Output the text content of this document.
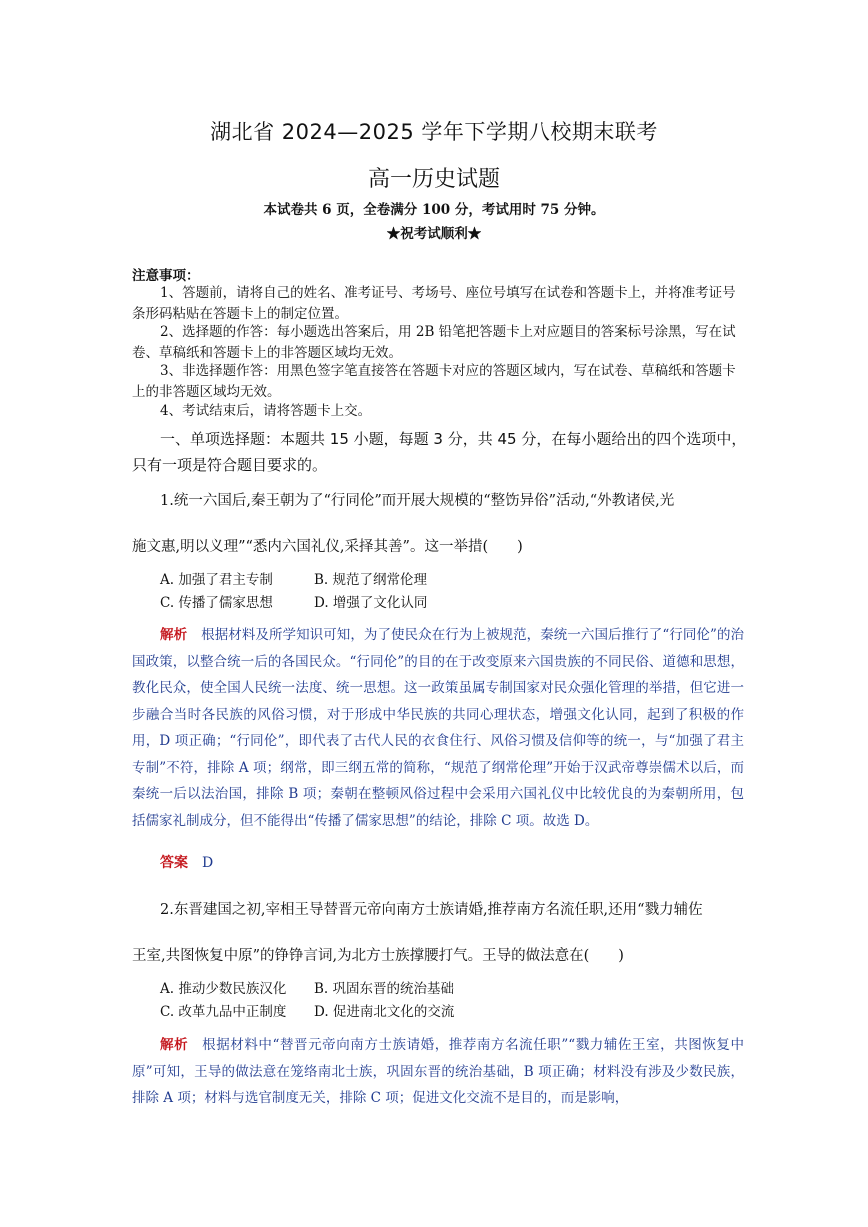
湖北省 2024—2025 学年下学期八校期末联考
高一历史试题
本试卷共 6 页，全卷满分 100 分，考试用时 75 分钟。
★祝考试顺利★
注意事项：
1、答题前，请将自己的姓名、准考证号、考场号、座位号填写在试卷和答题卡上，并将准考证号条形码粘贴在答题卡上的制定位置。
2、选择题的作答：每小题选出答案后，用 2B 铅笔把答题卡上对应题目的答案标号涂黑，写在试卷、草稿纸和答题卡上的非答题区域均无效。
3、非选择题作答：用黑色签字笔直接答在答题卡对应的答题区域内，写在试卷、草稿纸和答题卡上的非答题区域均无效。
4、考试结束后，请将答题卡上交。
一、单项选择题：本题共 15 小题，每题 3 分，共 45 分，在每小题给出的四个选项中，只有一项是符合题目要求的。
1.统一六国后,秦王朝为了“行同伦”而开展大规模的“整饬异俗”活动,“外教诸侯,光
施文惠,明以义理”“悉内六国礼仪,采择其善”。这一举措(　　)
A. 加强了君主专制	B. 规范了纲常伦理
C. 传播了儒家思想	D. 增强了文化认同
解析 根据材料及所学知识可知，为了使民众在行为上被规范，秦统一六国后推行了“行同伦”的治国政策，以整合统一后的各国民众。“行同伦”的目的在于改变原来六国贵族的不同民俗、道德和思想，教化民众，使全国人民统一法度、统一思想。这一政策虽属专制国家对民众强化管理的举措，但它进一步融合当时各民族的风俗习惯，对于形成中华民族的共同心理状态，增强文化认同，起到了积极的作用，D 项正确；“行同伦”，即代表了古代人民的衣食住行、风俗习惯及信仰等的统一，与“加强了君主专制”不符，排除 A 项；纲常，即三纲五常的简称，“规范了纲常伦理”开始于汉武帝尊崇儒术以后，而秦统一后以法治国，排除 B 项；秦朝在整顿风俗过程中会采用六国礼仪中比较优良的为秦朝所用，包括儒家礼制成分，但不能得出“传播了儒家思想”的结论，排除 C 项。故选 D。
答案 D
2.东晋建国之初,宰相王导替晋元帝向南方士族请婚,推荐南方名流任职,还用“戮力辅佐
王室,共图恢复中原”的铮铮言词,为北方士族撑腰打气。王导的做法意在(　　)
A. 推动少数民族汉化 B. 巩固东晋的统治基础
C. 改革九品中正制度 D. 促进南北文化的交流
解析 根据材料中“替晋元帝向南方士族请婚，推荐南方名流任职”“戮力辅佐王室，共图恢复中原”可知，王导的做法意在笼络南北士族，巩固东晋的统治基础，B 项正确；材料没有涉及少数民族，排除 A 项；材料与选官制度无关，排除 C 项；促进文化交流不是目的，而是影响，
